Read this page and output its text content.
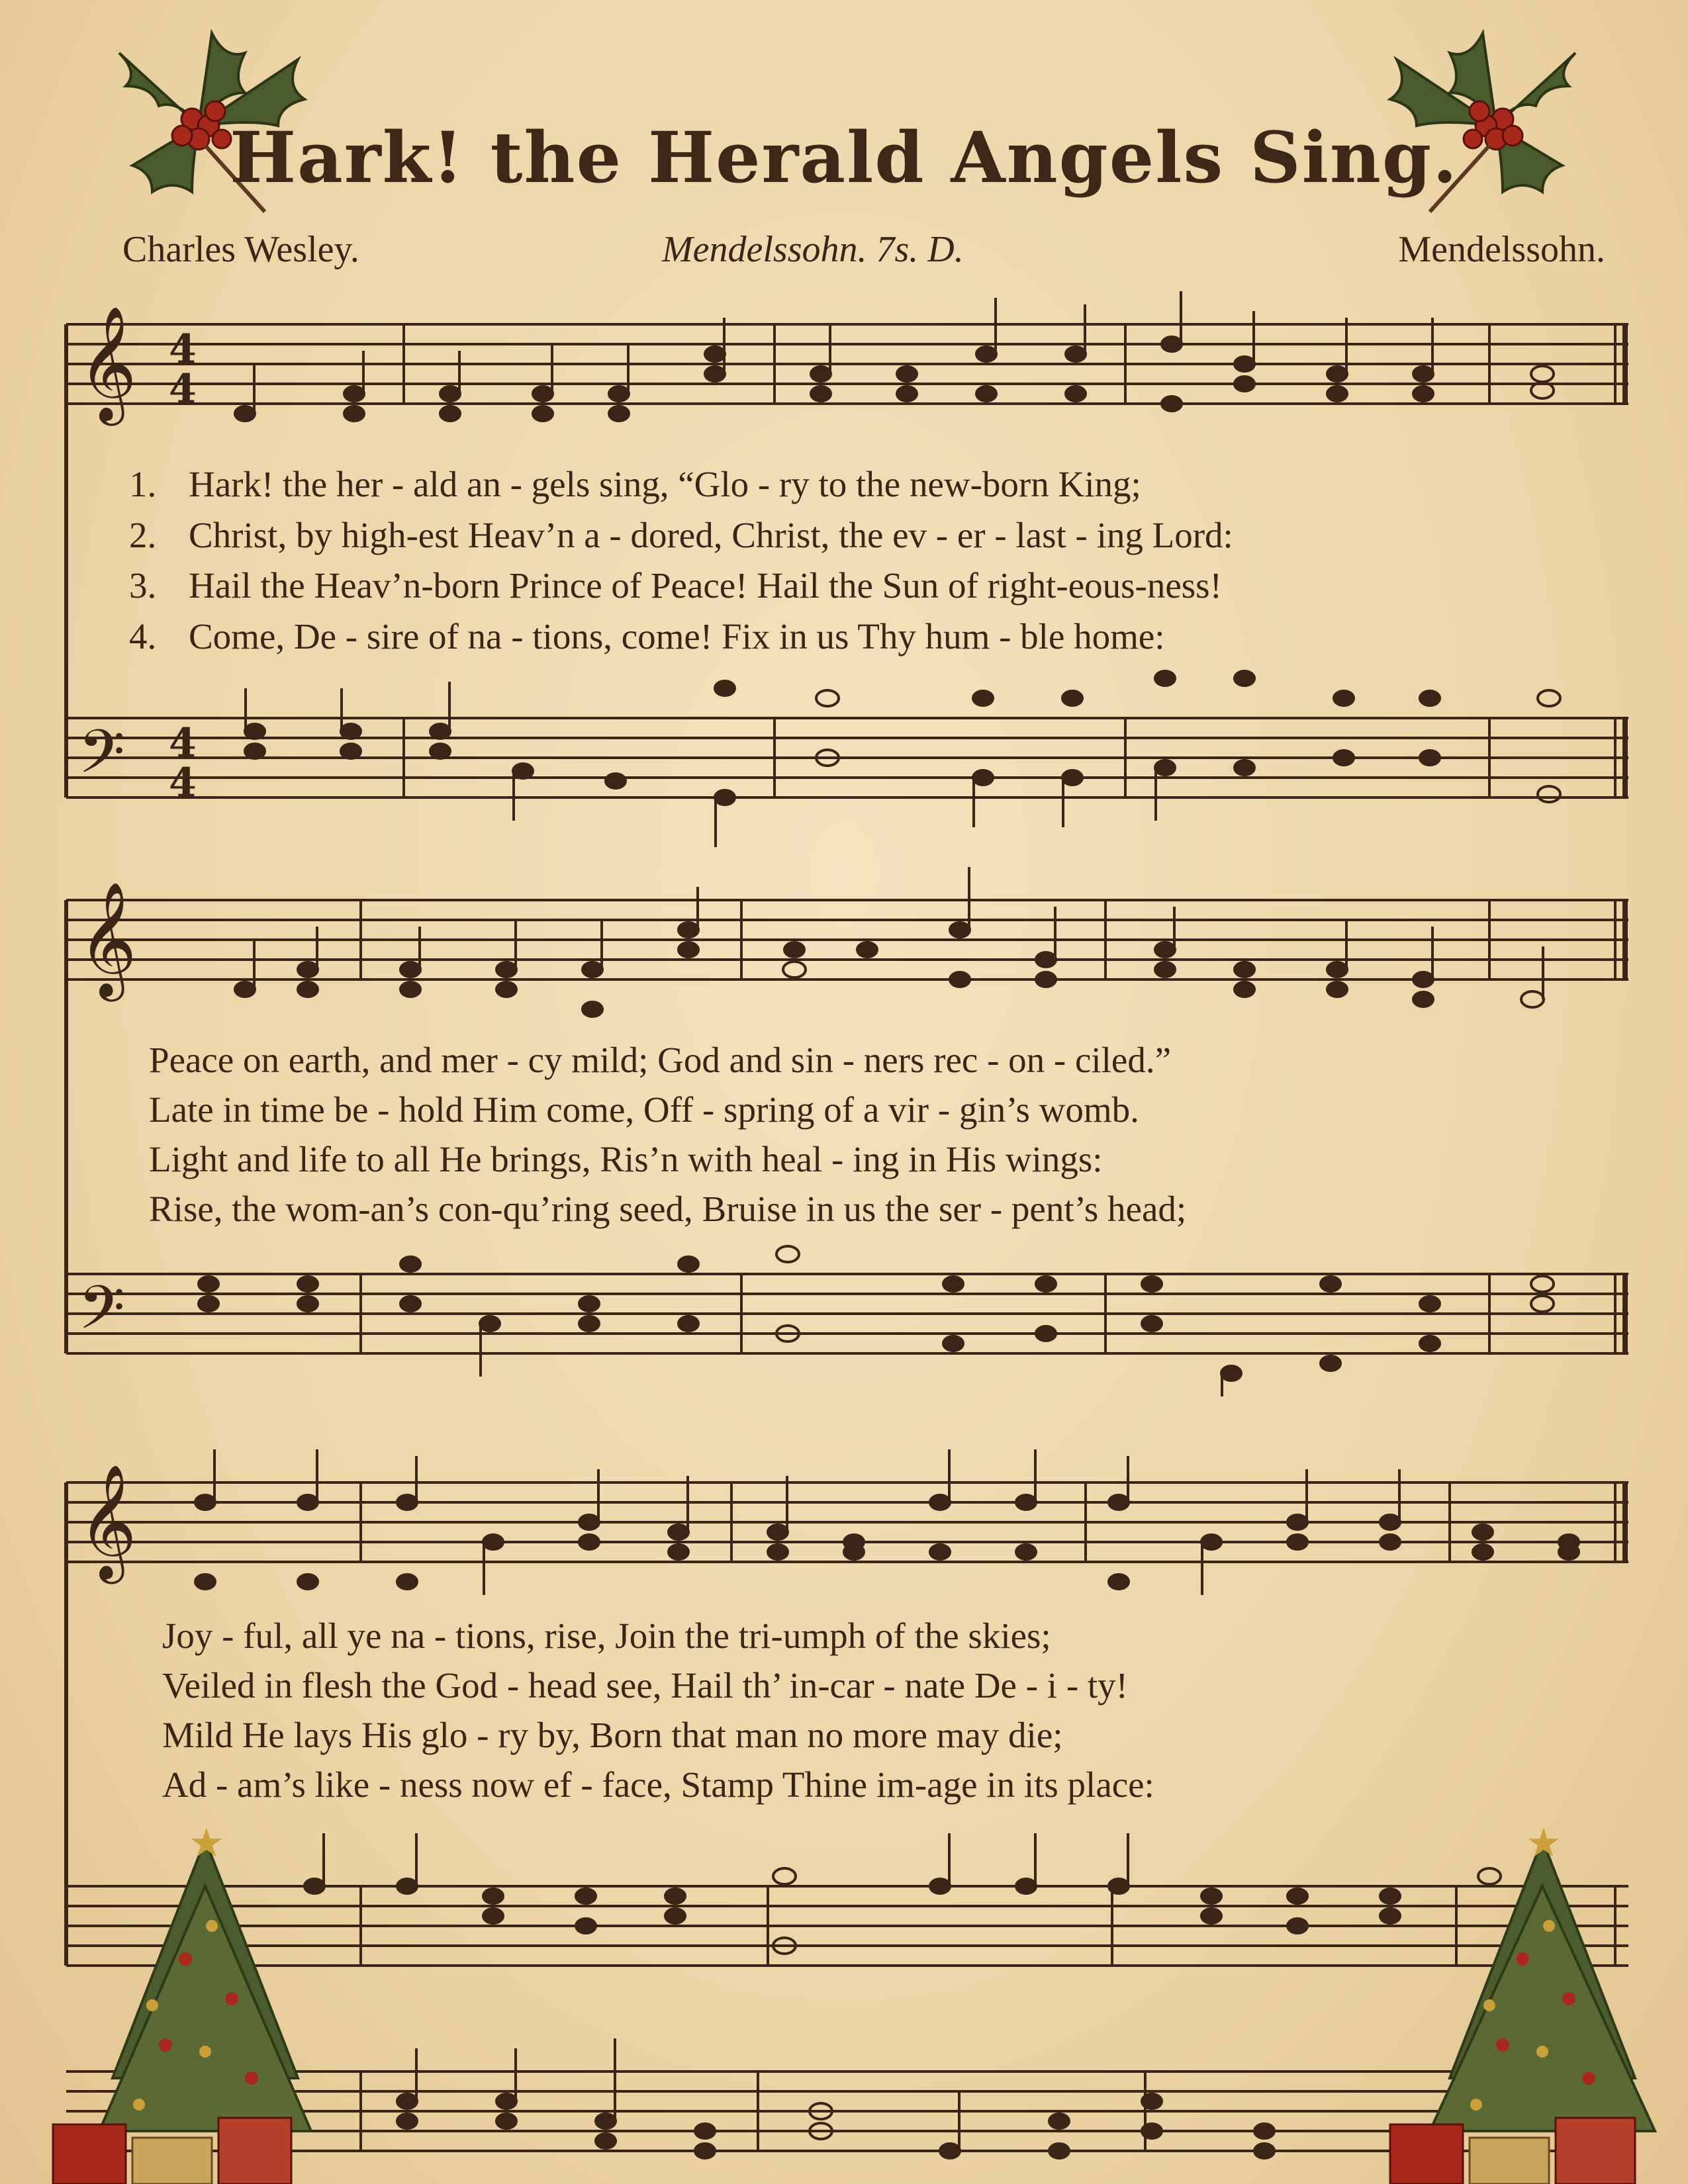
Hark! the Herald Angels Sing.
Charles Wesley.	Mendelssohn. 7s. D.	Mendelssohn.
𝄞
𝄢
4
4
4
4
1. Hark! the her - ald an - gels sing, “Glo - ry to the new-born King;
2. Christ, by high-est Heav’n a - dored, Christ, the ev - er - last - ing Lord:
3. Hail the Heav’n-born Prince of Peace! Hail the Sun of right-eous-ness!
4. Come, De - sire of na - tions, come! Fix in us Thy hum - ble home:
𝄞
𝄢
Peace on earth, and mer - cy mild; God and sin - ners rec - on - ciled.”
Late in time be - hold Him come, Off - spring of a vir - gin’s womb.
Light and life to all He brings, Ris’n with heal - ing in His wings:
Rise, the wom-an’s con-qu’ring seed, Bruise in us the ser - pent’s head;
𝄞
Joy - ful, all ye na - tions, rise, Join the tri-umph of the skies;
Veiled in flesh the God - head see, Hail th’ in-car - nate De - i - ty!
Mild He lays His glo - ry by, Born that man no more may die;
Ad - am’s like - ness now ef - face, Stamp Thine im-age in its place:
★	★
